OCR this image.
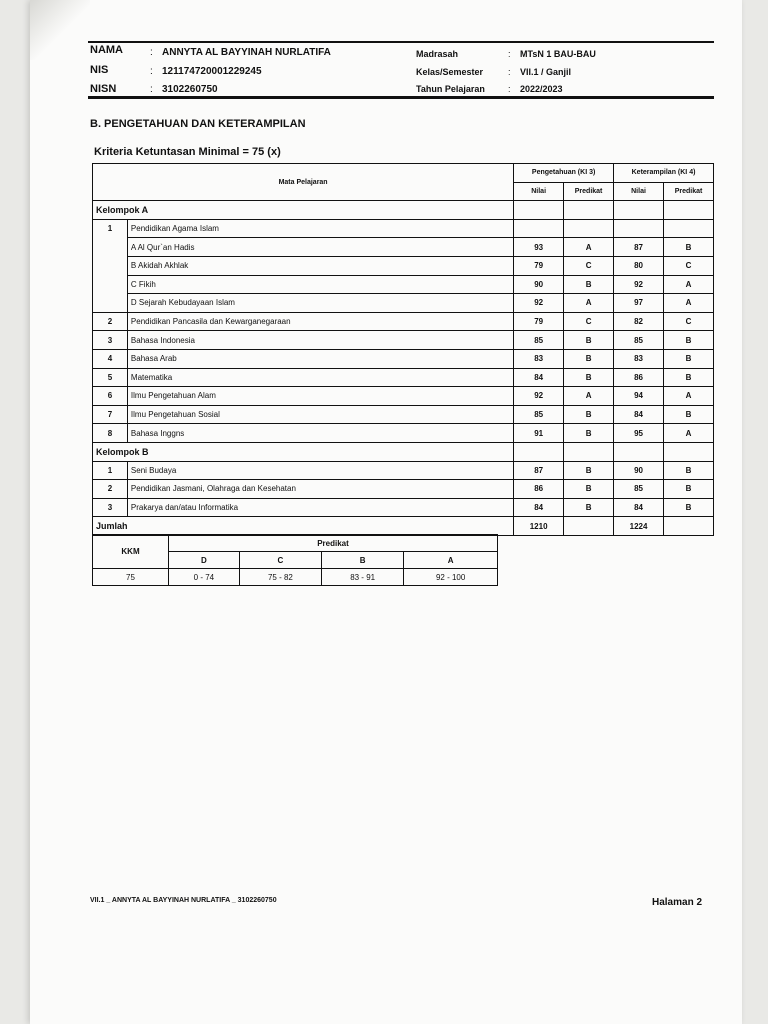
NAMA	: ANNYTA AL BAYYINAH NURLATIFA
NIS	: 121174720001229245
NISN	: 3102260750
Madrasah	: MTsN 1 BAU-BAU
Kelas/Semester	: VII.1 / Ganjil
Tahun Pelajaran	: 2022/2023
B. PENGETAHUAN DAN KETERAMPILAN
Kriteria Ketuntasan Minimal = 75 (x)
Mata Pelajaran		Pengetahuan (KI 3)		Keterampilan (KI 4)	
		Nilai	Predikat	Nilai	Predikat
Kelompok A					
1	Pendidikan Agama Islam				
	A Al Qur`an Hadis	93	A	87	B
	B Akidah Akhlak	79	C	80	C
	C Fikih	90	B	92	A
	D Sejarah Kebudayaan Islam	92	A	97	A
2	Pendidikan Pancasila dan Kewarganegaraan	79	C	82	C
3	Bahasa Indonesia	85	B	85	B
4	Bahasa Arab	83	B	83	B
5	Matematika	84	B	86	B
6	Ilmu Pengetahuan Alam	92	A	94	A
7	Ilmu Pengetahuan Sosial	85	B	84	B
8	Bahasa Inggns	91	B	95	A
Kelompok B					
1	Seni Budaya	87	B	90	B
2	Pendidikan Jasmani, Olahraga dan Kesehatan	86	B	85	B
3	Prakarya dan/atau Informatika	84	B	84	B
Jumlah		1210		1224	
KKM	Predikat			
	D	C	B	A
75	0 - 74	75 - 82	83 - 91	92 - 100
VII.1 _ ANNYTA AL BAYYINAH NURLATIFA _ 3102260750	Halaman 2
